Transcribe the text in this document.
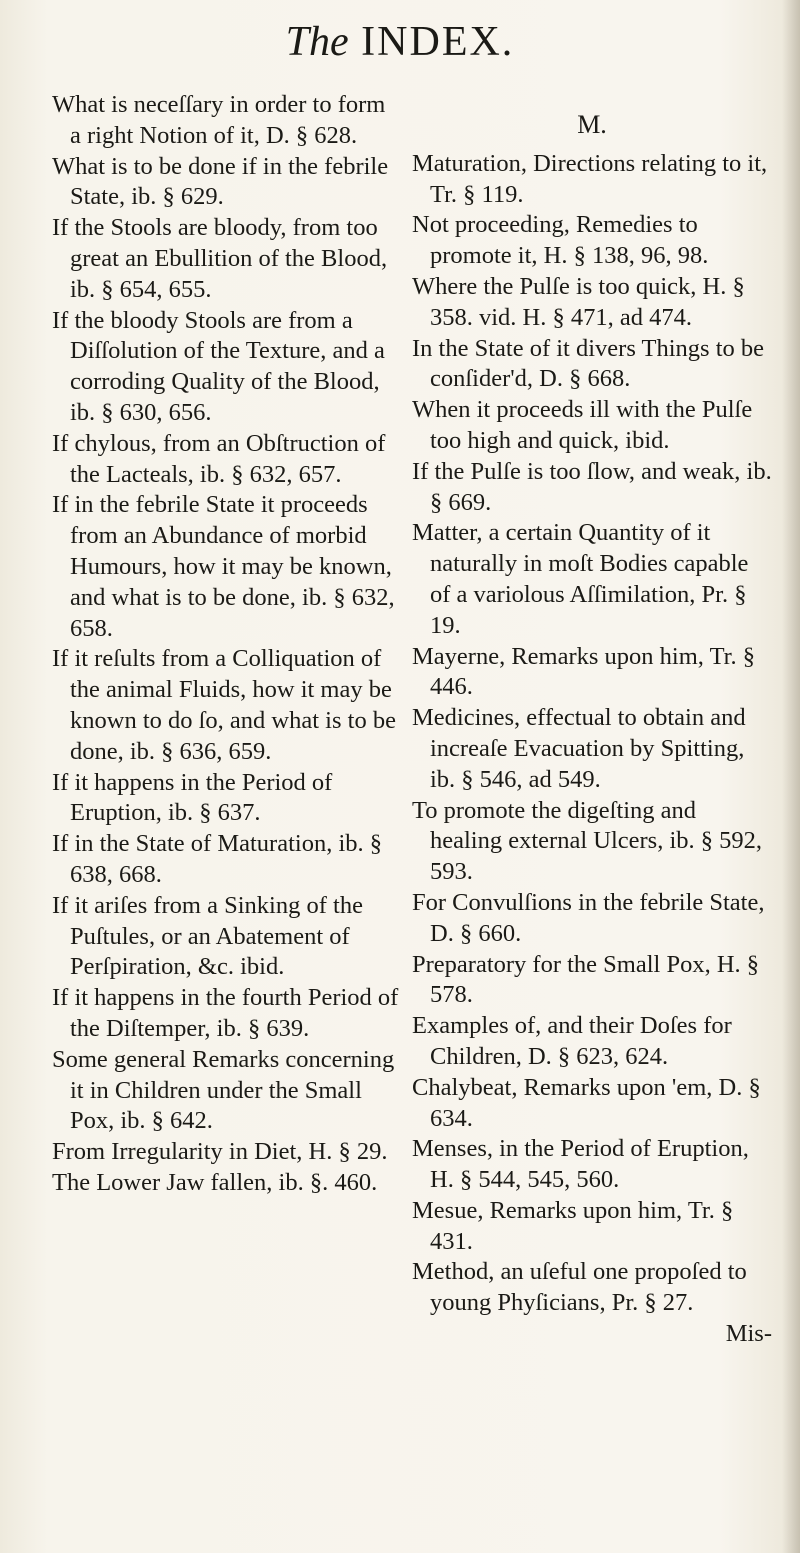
The INDEX.

What is neceſſary in order to form a right Notion of it, D. § 628.

What is to be done if in the febrile State, ib. § 629.

If the Stools are bloody, from too great an Ebullition of the Blood, ib. § 654, 655.

If the bloody Stools are from a Diſſolution of the Texture, and a corroding Quality of the Blood, ib. § 630, 656.

If chylous, from an Obſtruction of the Lacteals, ib. § 632, 657.

If in the febrile State it proceeds from an Abundance of morbid Humours, how it may be known, and what is to be done, ib. § 632, 658.

If it reſults from a Colliquation of the animal Fluids, how it may be known to do ſo, and what is to be done, ib. § 636, 659.

If it happens in the Period of Eruption, ib. § 637.

If in the State of Maturation, ib. § 638, 668.

If it ariſes from a Sinking of the Puſtules, or an Abatement of Perſpiration, &c. ibid.

If it happens in the fourth Period of the Diſtemper, ib. § 639.

Some general Remarks concerning it in Children under the Small Pox, ib. § 642.

From Irregularity in Diet, H. § 29.

The Lower Jaw fallen, ib. §. 460.

M.

Maturation, Directions relating to it, Tr. § 119.

Not proceeding, Remedies to promote it, H. § 138, 96, 98.

Where the Pulſe is too quick, H. § 358. vid. H. § 471, ad 474.

In the State of it divers Things to be conſider'd, D. § 668.

When it proceeds ill with the Pulſe too high and quick, ibid.

If the Pulſe is too ſlow, and weak, ib. § 669.

Matter, a certain Quantity of it naturally in moſt Bodies capable of a variolous Aſſimilation, Pr. § 19.

Mayerne, Remarks upon him, Tr. § 446.

Medicines, effectual to obtain and increaſe Evacuation by Spitting, ib. § 546, ad 549.

To promote the digeſting and healing external Ulcers, ib. § 592, 593.

For Convulſions in the febrile State, D. § 660.

Preparatory for the Small Pox, H. § 578.

Examples of, and their Doſes for Children, D. § 623, 624.

Chalybeat, Remarks upon 'em, D. § 634.

Menses, in the Period of Eruption, H. § 544, 545, 560.

Mesue, Remarks upon him, Tr. § 431.

Method, an uſeful one propoſed to young Phyſicians, Pr. § 27.

Mis-
